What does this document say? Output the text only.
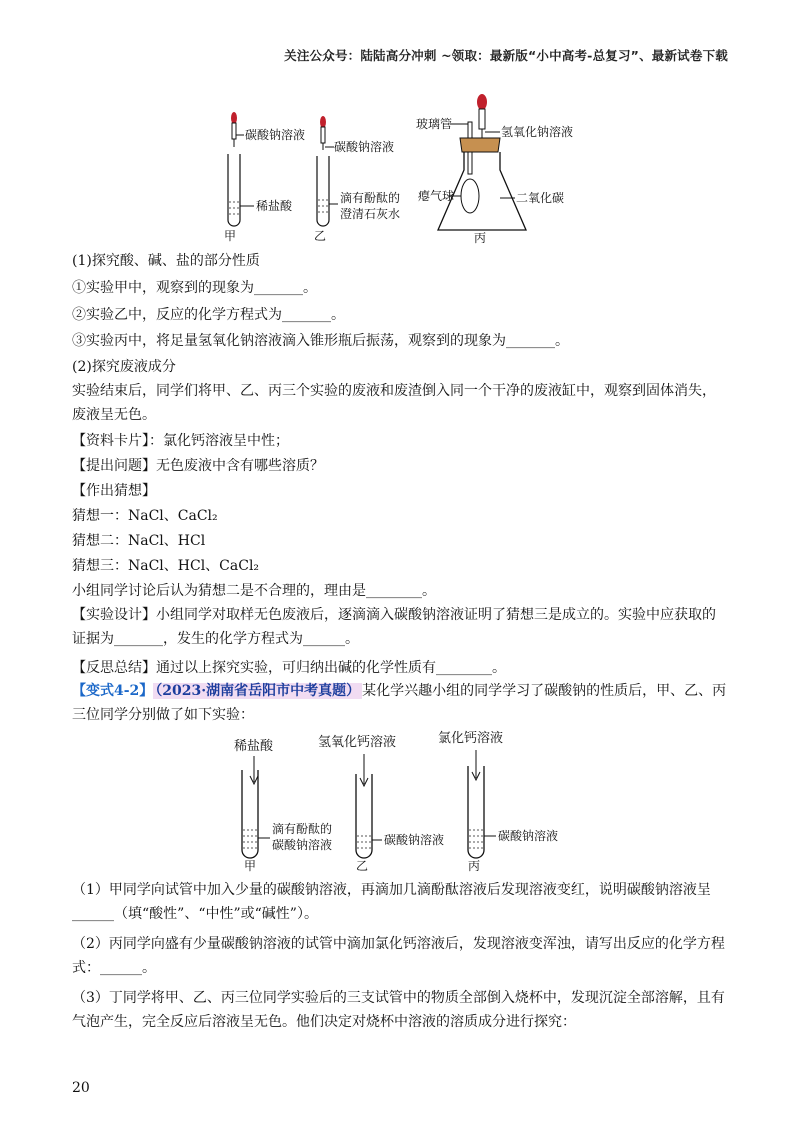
关注公众号：陆陆高分冲刺 ~领取：最新版“小中高考-总复习”、最新试卷下载
碳酸钠溶液
稀盐酸
甲
碳酸钠溶液
滴有酚酞的
澄清石灰水
乙
玻璃管
氢氧化钠溶液
瘪气球	二氧化碳
丙
(1)探究酸、碱、盐的部分性质
①实验甲中，观察到的现象为_______。
②实验乙中，反应的化学方程式为_______。
③实验丙中，将足量氢氧化钠溶液滴入锥形瓶后振荡，观察到的现象为_______。
(2)探究废液成分
实验结束后，同学们将甲、乙、丙三个实验的废液和废渣倒入同一个干净的废液缸中，观察到固体消失，废液呈无色。
【资料卡片】：氯化钙溶液呈中性；
【提出问题】无色废液中含有哪些溶质？
【作出猜想】
猜想一：NaCl、CaCl₂
猜想二：NaCl、HCl
猜想三：NaCl、HCl、CaCl₂
小组同学讨论后认为猜想二是不合理的，理由是________。
【实验设计】小组同学对取样无色废液后，逐滴滴入碳酸钠溶液证明了猜想三是成立的。实验中应获取的证据为_______，发生的化学方程式为______。
【反思总结】通过以上探究实验，可归纳出碱的化学性质有________。
【变式4-2】 （2023·湖南省岳阳市中考真题） 某化学兴趣小组的同学学习了碳酸钠的性质后，甲、乙、丙三位同学分别做了如下实验：
稀盐酸
滴有酚酞的
碳酸钠溶液
甲
氢氧化钙溶液
碳酸钠溶液
乙
氯化钙溶液
碳酸钠溶液
丙
（1）甲同学向试管中加入少量的碳酸钠溶液，再滴加几滴酚酞溶液后发现溶液变红，说明碳酸钠溶液呈______（填“酸性”、“中性”或“碱性”）。
（2）丙同学向盛有少量碳酸钠溶液的试管中滴加氯化钙溶液后，发现溶液变浑浊，请写出反应的化学方程式：______。
（3）丁同学将甲、乙、丙三位同学实验后的三支试管中的物质全部倒入烧杯中，发现沉淀全部溶解，且有气泡产生，完全反应后溶液呈无色。他们决定对烧杯中溶液的溶质成分进行探究：
20
